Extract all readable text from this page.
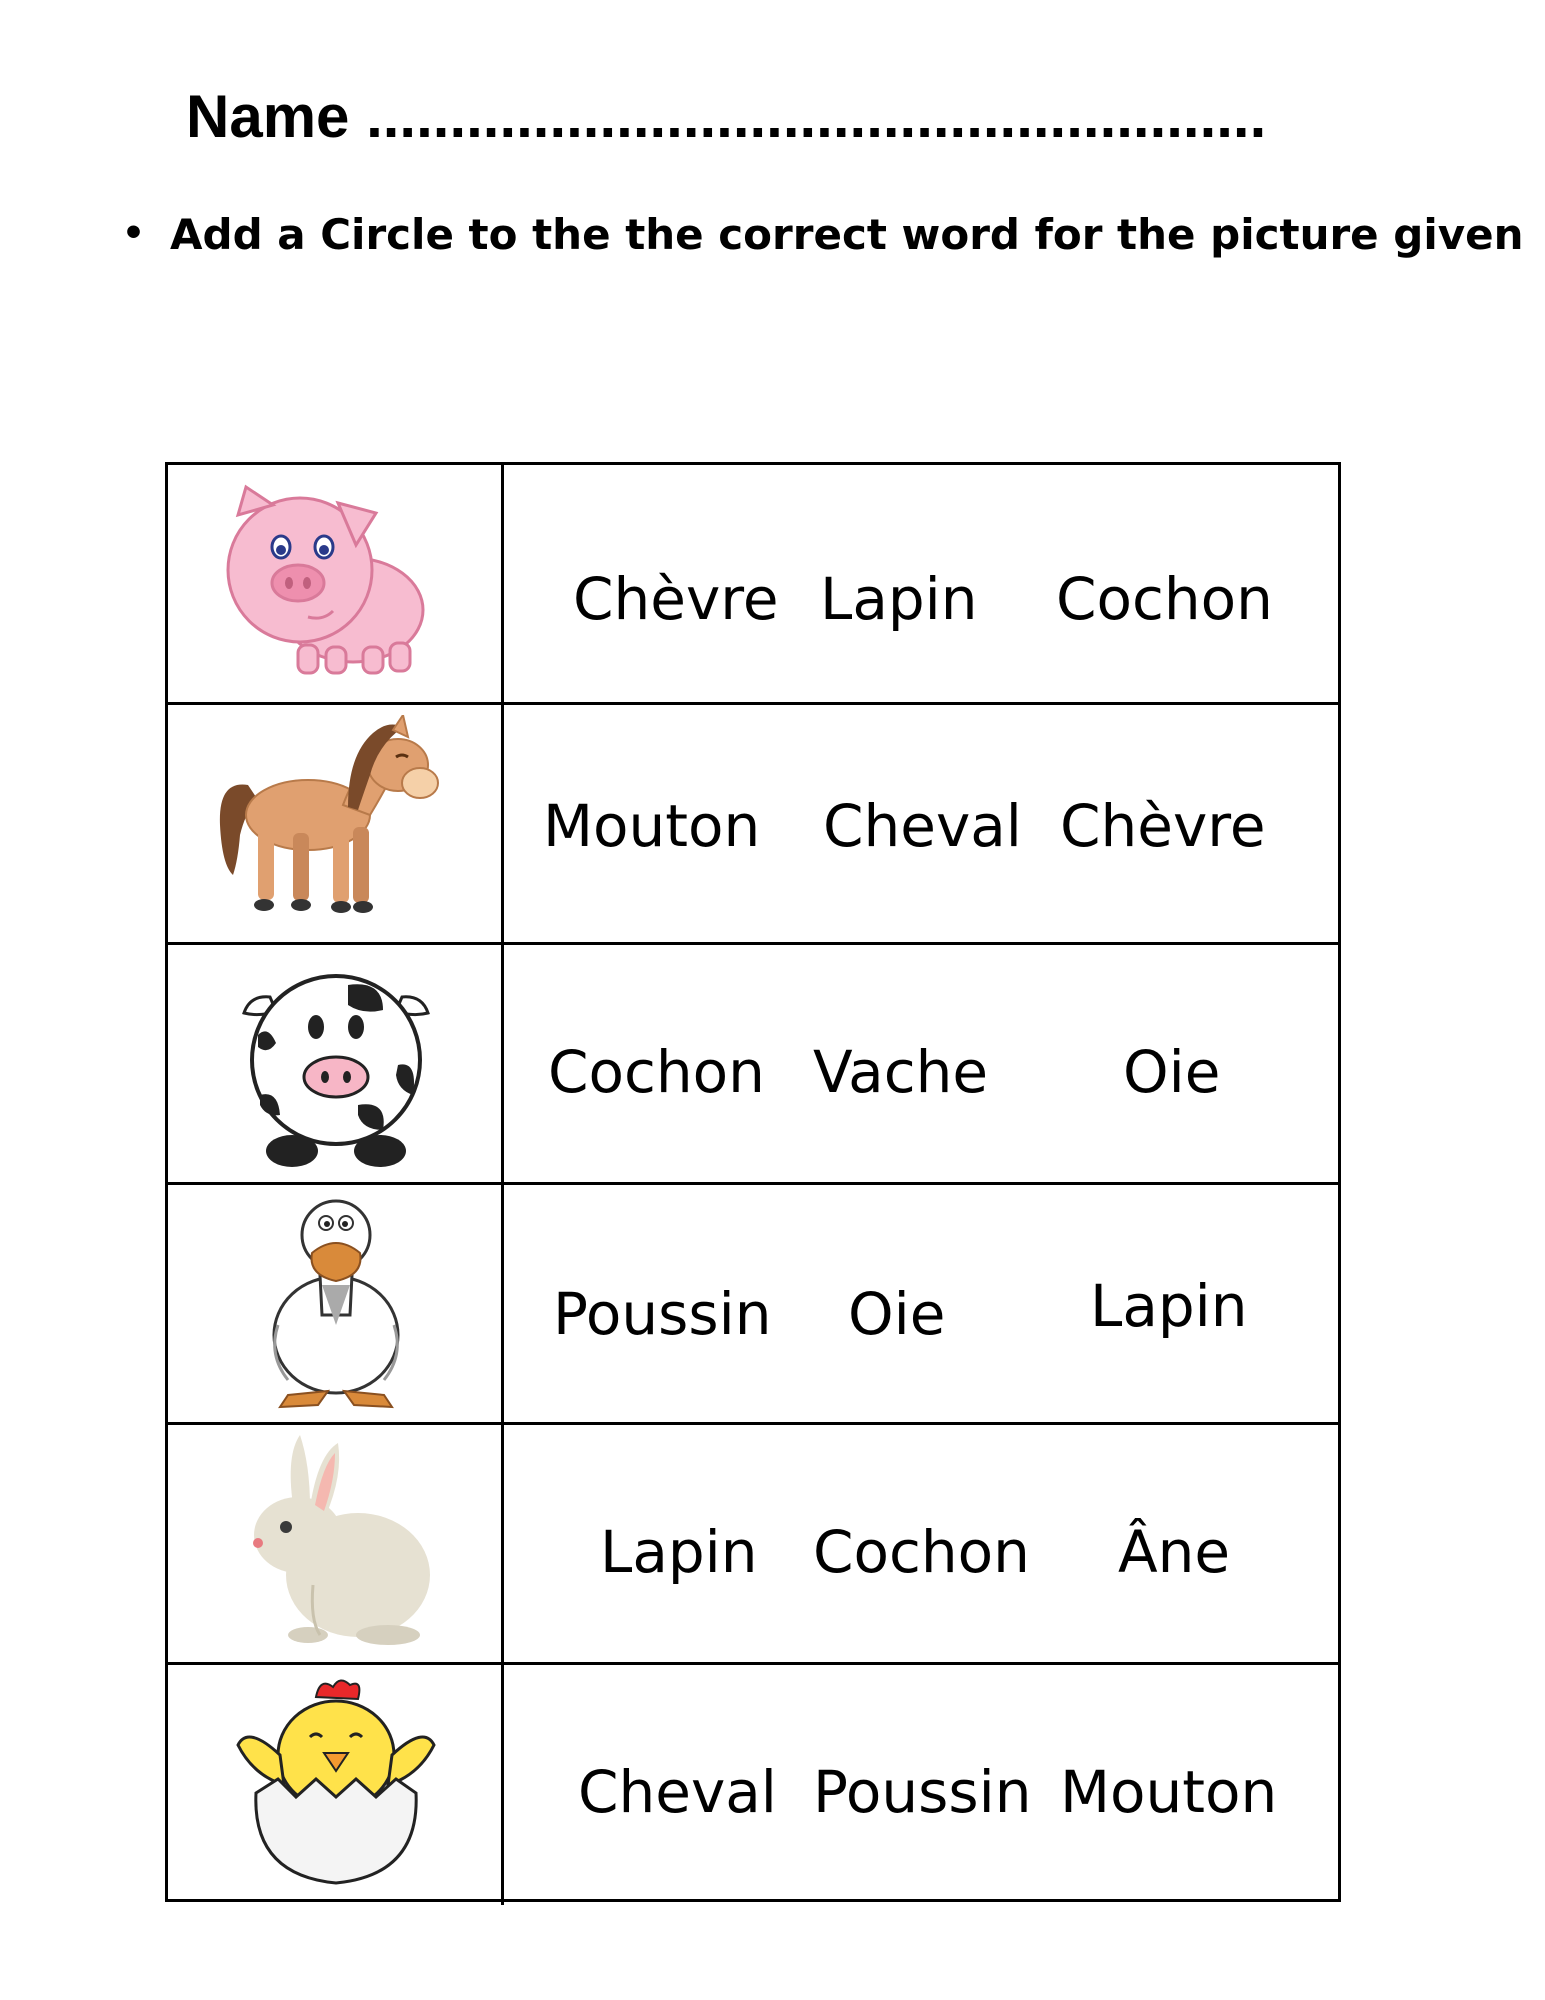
Name ......................................................
• Add a Circle to the the correct word for the picture given
Chèvre Lapin Cochon
Mouton Cheval Chèvre
Cochon Vache Oie
Poussin Oie Lapin
Lapin Cochon Âne
Cheval Poussin Mouton
